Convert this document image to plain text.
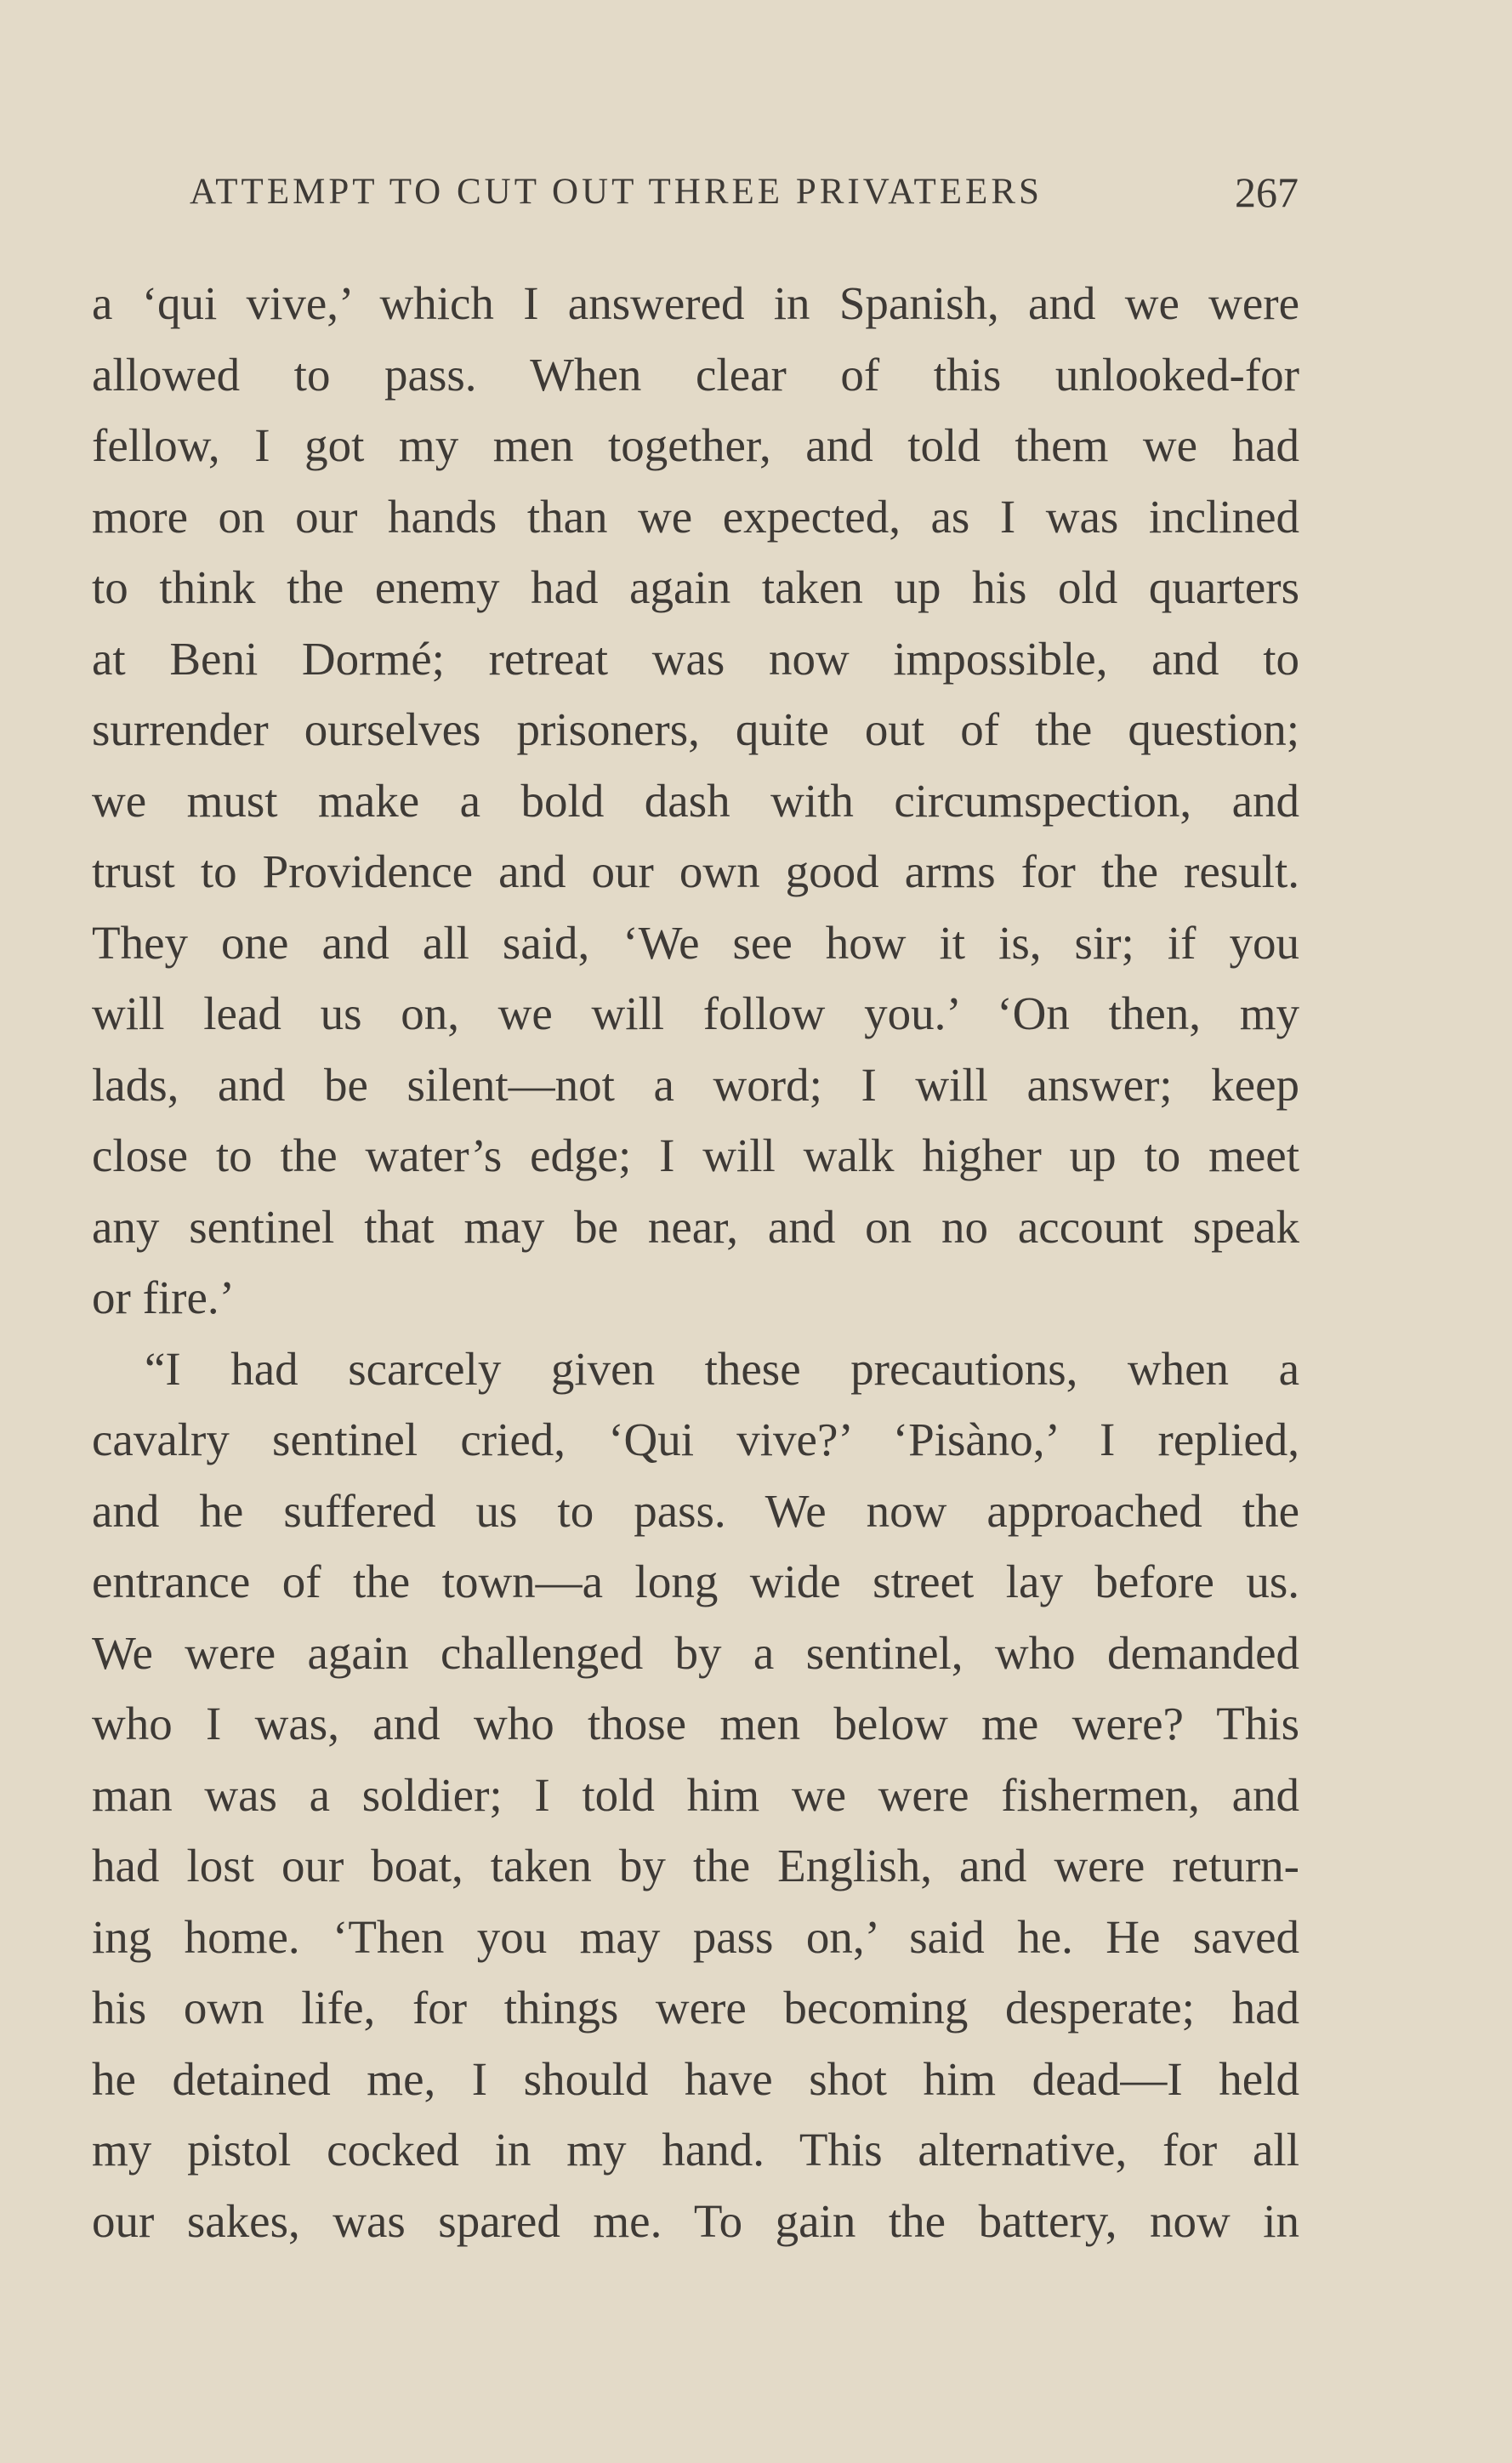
ATTEMPT TO CUT OUT THREE PRIVATEERS	267
a ‘qui vive,’ which I answered in Spanish, and we were
allowed to pass. When clear of this unlooked-for
fellow, I got my men together, and told them we had
more on our hands than we expected, as I was inclined
to think the enemy had again taken up his old quarters
at Beni Dormé; retreat was now impossible, and to
surrender ourselves prisoners, quite out of the question;
we must make a bold dash with circumspection, and
trust to Providence and our own good arms for the result.
They one and all said, ‘We see how it is, sir; if you
will lead us on, we will follow you.’ ‘On then, my
lads, and be silent—not a word; I will answer; keep
close to the water’s edge; I will walk higher up to meet
any sentinel that may be near, and on no account speak
or fire.’
“I had scarcely given these precautions, when a
cavalry sentinel cried, ‘Qui vive?’ ‘Pisàno,’ I replied,
and he suffered us to pass. We now approached the
entrance of the town—a long wide street lay before us.
We were again challenged by a sentinel, who demanded
who I was, and who those men below me were? This
man was a soldier; I told him we were fishermen, and
had lost our boat, taken by the English, and were return-
ing home. ‘Then you may pass on,’ said he. He saved
his own life, for things were becoming desperate; had
he detained me, I should have shot him dead—I held
my pistol cocked in my hand. This alternative, for all
our sakes, was spared me. To gain the battery, now in
